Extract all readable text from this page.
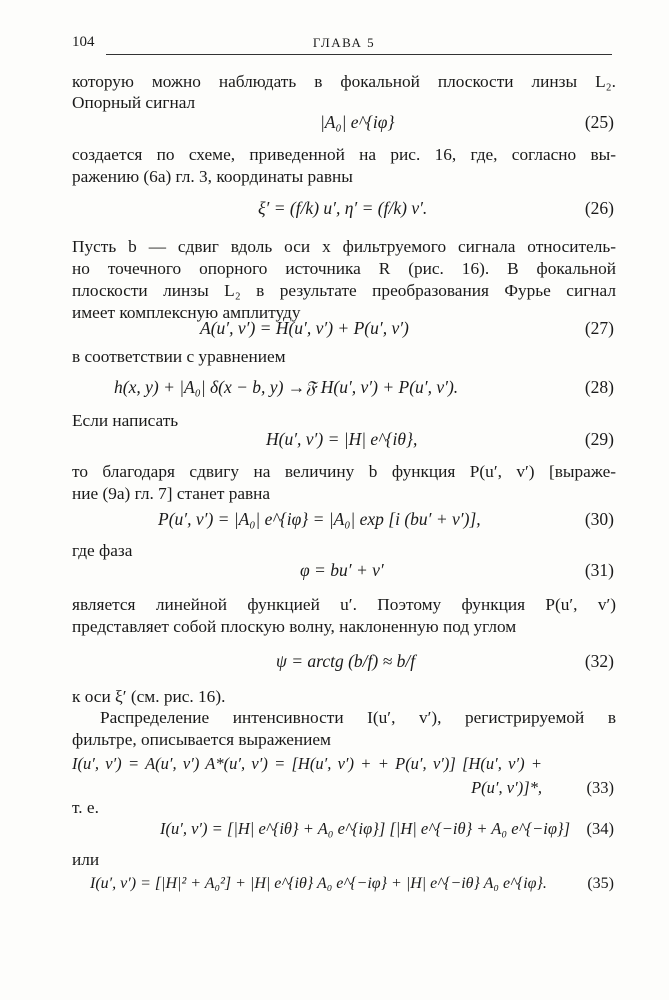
104	ГЛАВА 5
которую можно наблюдать в фокальной плоскости линзы L₂.
Опорный сигнал
|A₀| e^{iφ}	(25)
создается по схеме, приведенной на рис. 16, где, согласно вы-
ражению (6а) гл. 3, координаты равны
ξ′ = (f/k) u′, η′ = (f/k) v′.	(26)
Пусть b — сдвиг вдоль оси x фильтруемого сигнала относитель-
но точечного опорного источника R (рис. 16). В фокальной
плоскости линзы L₂ в результате преобразования Фурье сигнал
имеет комплексную амплитуду
A(u′, v′) = H(u′, v′) + P(u′, v′)	(27)
в соответствии с уравнением
h(x, y) + |A₀| δ(x − b, y) →𝔉 H(u′, v′) + P(u′, v′).	(28)
Если написать
H(u′, v′) = |H| e^{iθ},	(29)
то благодаря сдвигу на величину b функция P(u′, v′) [выраже-
ние (9а) гл. 7] станет равна
P(u′, v′) = |A₀| e^{iφ} = |A₀| exp [i (bu′ + v′)],	(30)
где фаза
φ = bu′ + v′	(31)
является линейной функцией u′. Поэтому функция P(u′, v′)
представляет собой плоскую волну, наклоненную под углом
ψ = arctg (b/f) ≈ b/f	(32)
к оси ξ′ (см. рис. 16).
Распределение интенсивности I(u′, v′), регистрируемой в
фильтре, описывается выражением
I(u′, v′) = A(u′, v′) A*(u′, v′) = [H(u′, v′) + + P(u′, v′)] [H(u′, v′) + P(u′, v′)]*,	(33)
т. е.
I(u′, v′) = [|H| e^{iθ} + A₀ e^{iφ}] [|H| e^{−iθ} + A₀ e^{−iφ}] (34)
или
I(u′, v′) = [|H|² + A₀²] + |H| e^{iθ} A₀ e^{−iφ} + |H| e^{−iθ} A₀ e^{iφ}.	(35)
